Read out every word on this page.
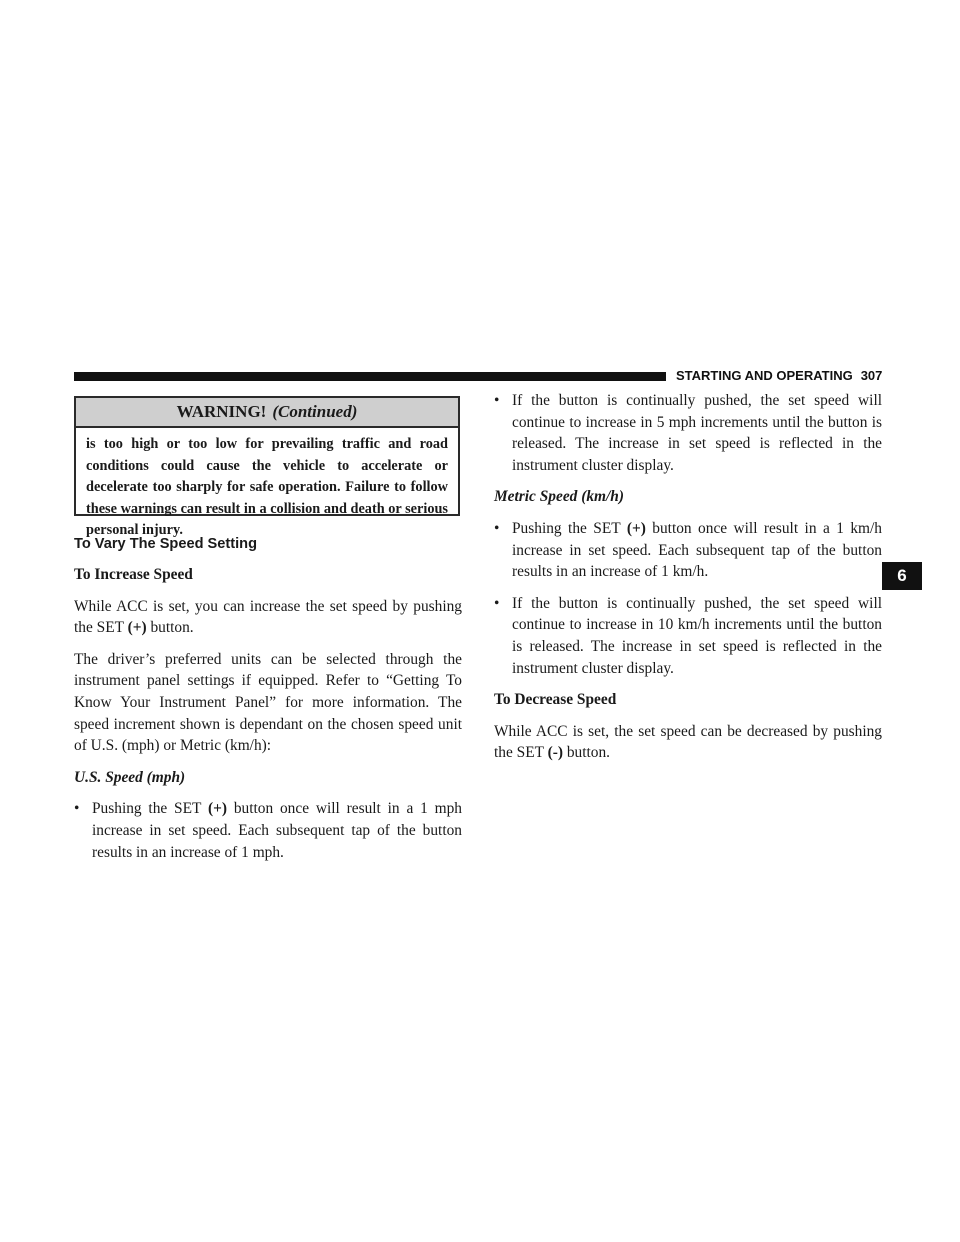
STARTING AND OPERATING 307
6
WARNING! (Continued)
is too high or too low for prevailing traffic and road conditions could cause the vehicle to accelerate or decelerate too sharply for safe operation. Failure to follow these warnings can result in a collision and death or serious personal injury.
To Vary The Speed Setting
To Increase Speed

While ACC is set, you can increase the set speed by pushing the SET (+) button.

The driver’s preferred units can be selected through the instrument panel settings if equipped. Refer to “Getting To Know Your Instrument Panel” for more information. The speed increment shown is dependant on the chosen speed unit of U.S. (mph) or Metric (km/h):

U.S. Speed (mph)
• Pushing the SET (+) button once will result in a 1 mph increase in set speed. Each subsequent tap of the button results in an increase of 1 mph.
• If the button is continually pushed, the set speed will continue to increase in 5 mph increments until the button is released. The increase in set speed is reflected in the instrument cluster display.
Metric Speed (km/h)
• Pushing the SET (+) button once will result in a 1 km/h increase in set speed. Each subsequent tap of the button results in an increase of 1 km/h.
• If the button is continually pushed, the set speed will continue to increase in 10 km/h increments until the button is released. The increase in set speed is reflected in the instrument cluster display.
To Decrease Speed

While ACC is set, the set speed can be decreased by pushing the SET (-) button.
